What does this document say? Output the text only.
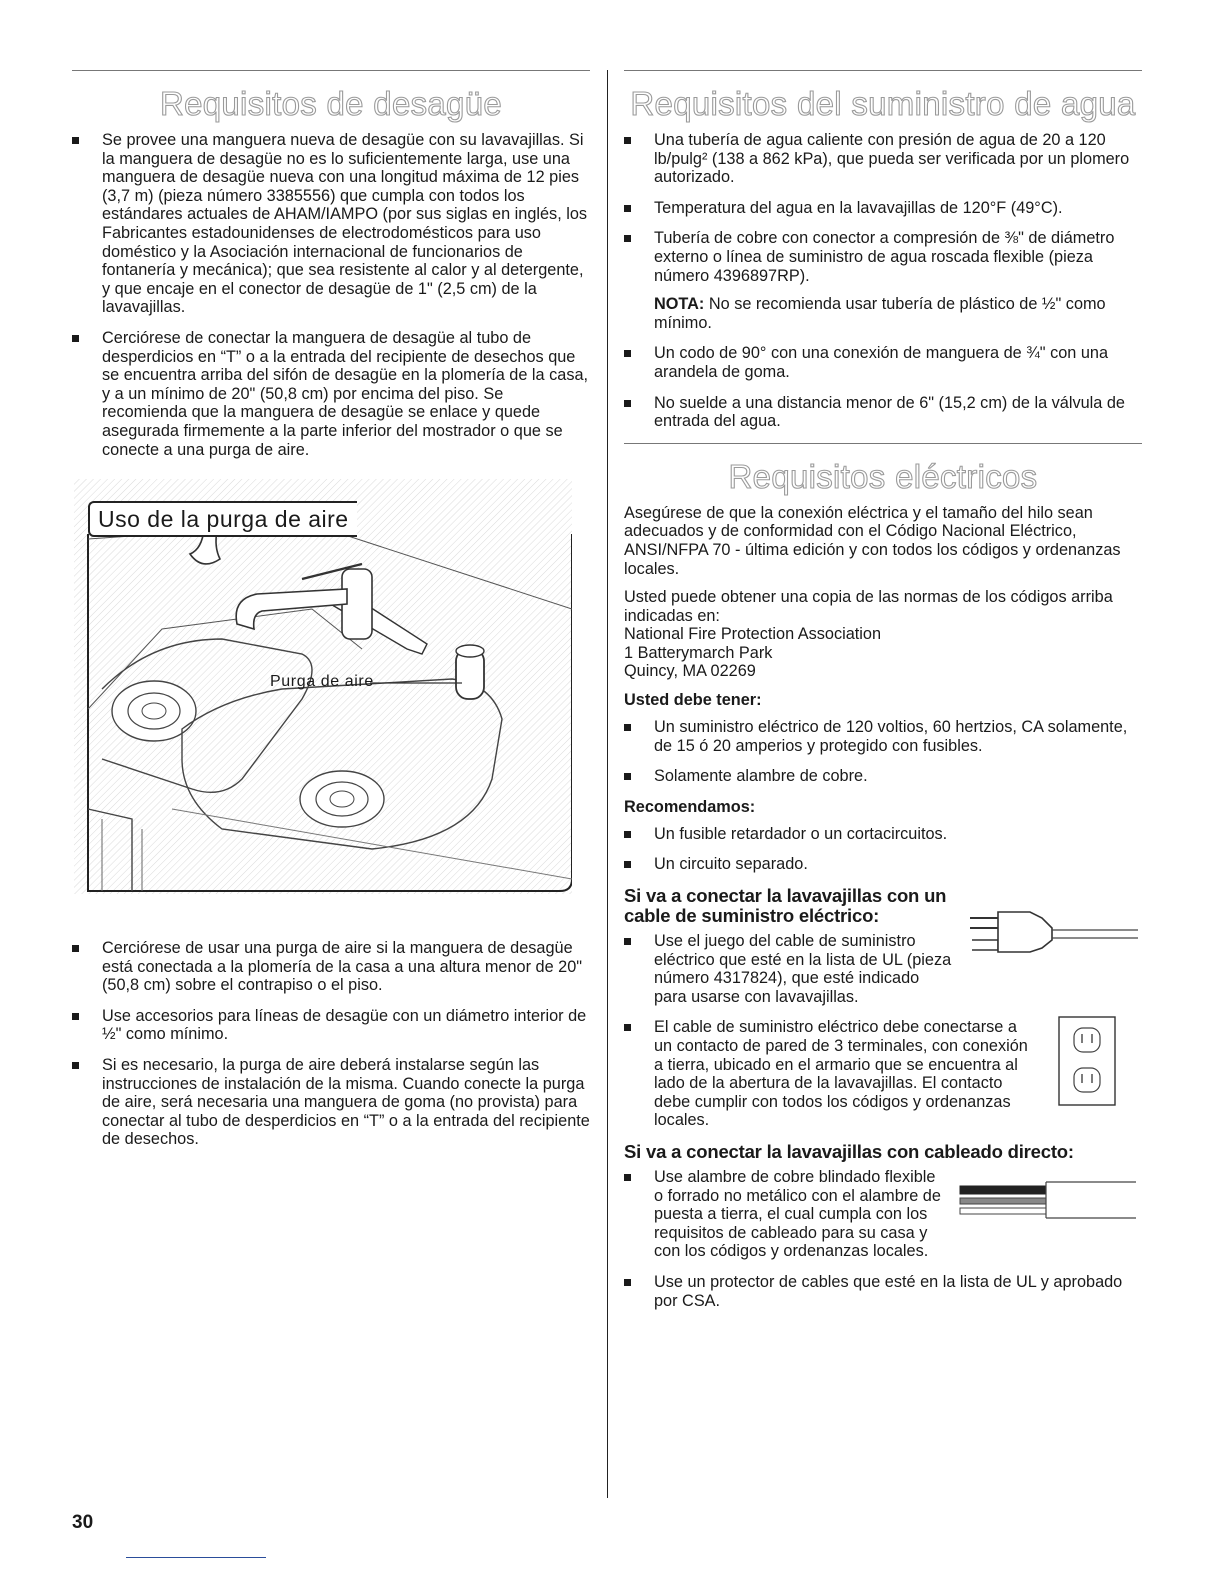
Requisitos de desagüe
Se provee una manguera nueva de desagüe con su lavavajillas. Si la manguera de desagüe no es lo suficientemente larga, use una manguera de desagüe nueva con una longitud máxima de 12 pies (3,7 m) (pieza número 3385556) que cumpla con todos los estándares actuales de AHAM/IAMPO (por sus siglas en inglés, los Fabricantes estadounidenses de electrodomésticos para uso doméstico y la Asociación internacional de funcionarios de fontanería y mecánica); que sea resistente al calor y al detergente, y que encaje en el conector de desagüe de 1" (2,5 cm) de la lavavajillas.
Cerciórese de conectar la manguera de desagüe al tubo de desperdicios en “T” o a la entrada del recipiente de desechos que se encuentra arriba del sifón de desagüe en la plomería de la casa, y a un mínimo de 20" (50,8 cm) por encima del piso. Se recomienda que la manguera de desagüe se enlace y quede asegurada firmemente a la parte inferior del mostrador o que se conecte a una purga de aire.
Uso de la purga de aire
Purga de aire
Cerciórese de usar una purga de aire si la manguera de desagüe está conectada a la plomería de la casa a una altura menor de 20" (50,8 cm) sobre el contrapiso o el piso.
Use accesorios para líneas de desagüe con un diámetro interior de ½" como mínimo.
Si es necesario, la purga de aire deberá instalarse según las instrucciones de instalación de la misma. Cuando conecte la purga de aire, será necesaria una manguera de goma (no provista) para conectar al tubo de desperdicios en “T” o a la entrada del recipiente de desechos.
Requisitos del suministro de agua
Una tubería de agua caliente con presión de agua de 20 a 120 lb/pulg² (138 a 862 kPa), que pueda ser verificada por un plomero autorizado.
Temperatura del agua en la lavavajillas de 120°F (49°C).
Tubería de cobre con conector a compresión de ⅜" de diámetro externo o línea de suministro de agua roscada flexible (pieza número 4396897RP).
NOTA: No se recomienda usar tubería de plástico de ½" como mínimo.
Un codo de 90° con una conexión de manguera de ¾" con una arandela de goma.
No suelde a una distancia menor de 6" (15,2 cm) de la válvula de entrada del agua.
Requisitos eléctricos

Asegúrese de que la conexión eléctrica y el tamaño del hilo sean adecuados y de conformidad con el Código Nacional Eléctrico, ANSI/NFPA 70 - última edición y con todos los códigos y ordenanzas locales.

Usted puede obtener una copia de las normas de los códigos arriba indicadas en:
National Fire Protection Association
1 Batterymarch Park
Quincy, MA 02269

Usted debe tener:
Un suministro eléctrico de 120 voltios, 60 hertzios, CA solamente, de 15 ó 20 amperios y protegido con fusibles.
Solamente alambre de cobre.
Recomendamos:
Un fusible retardador o un cortacircuitos.
Un circuito separado.
Si va a conectar la lavavajillas con un cable de suministro eléctrico:
Use el juego del cable de suministro eléctrico que esté en la lista de UL (pieza número 4317824), que esté indicado para usarse con lavavajillas.
El cable de suministro eléctrico debe conectarse a un contacto de pared de 3 terminales, con conexión a tierra, ubicado en el armario que se encuentra al lado de la abertura de la lavavajillas. El contacto debe cumplir con todos los códigos y ordenanzas locales.
Si va a conectar la lavavajillas con cableado directo:
Use alambre de cobre blindado flexible o forrado no metálico con el alambre de puesta a tierra, el cual cumpla con los requisitos de cableado para su casa y con los códigos y ordenanzas locales.
Use un protector de cables que esté en la lista de UL y aprobado por CSA.
30
